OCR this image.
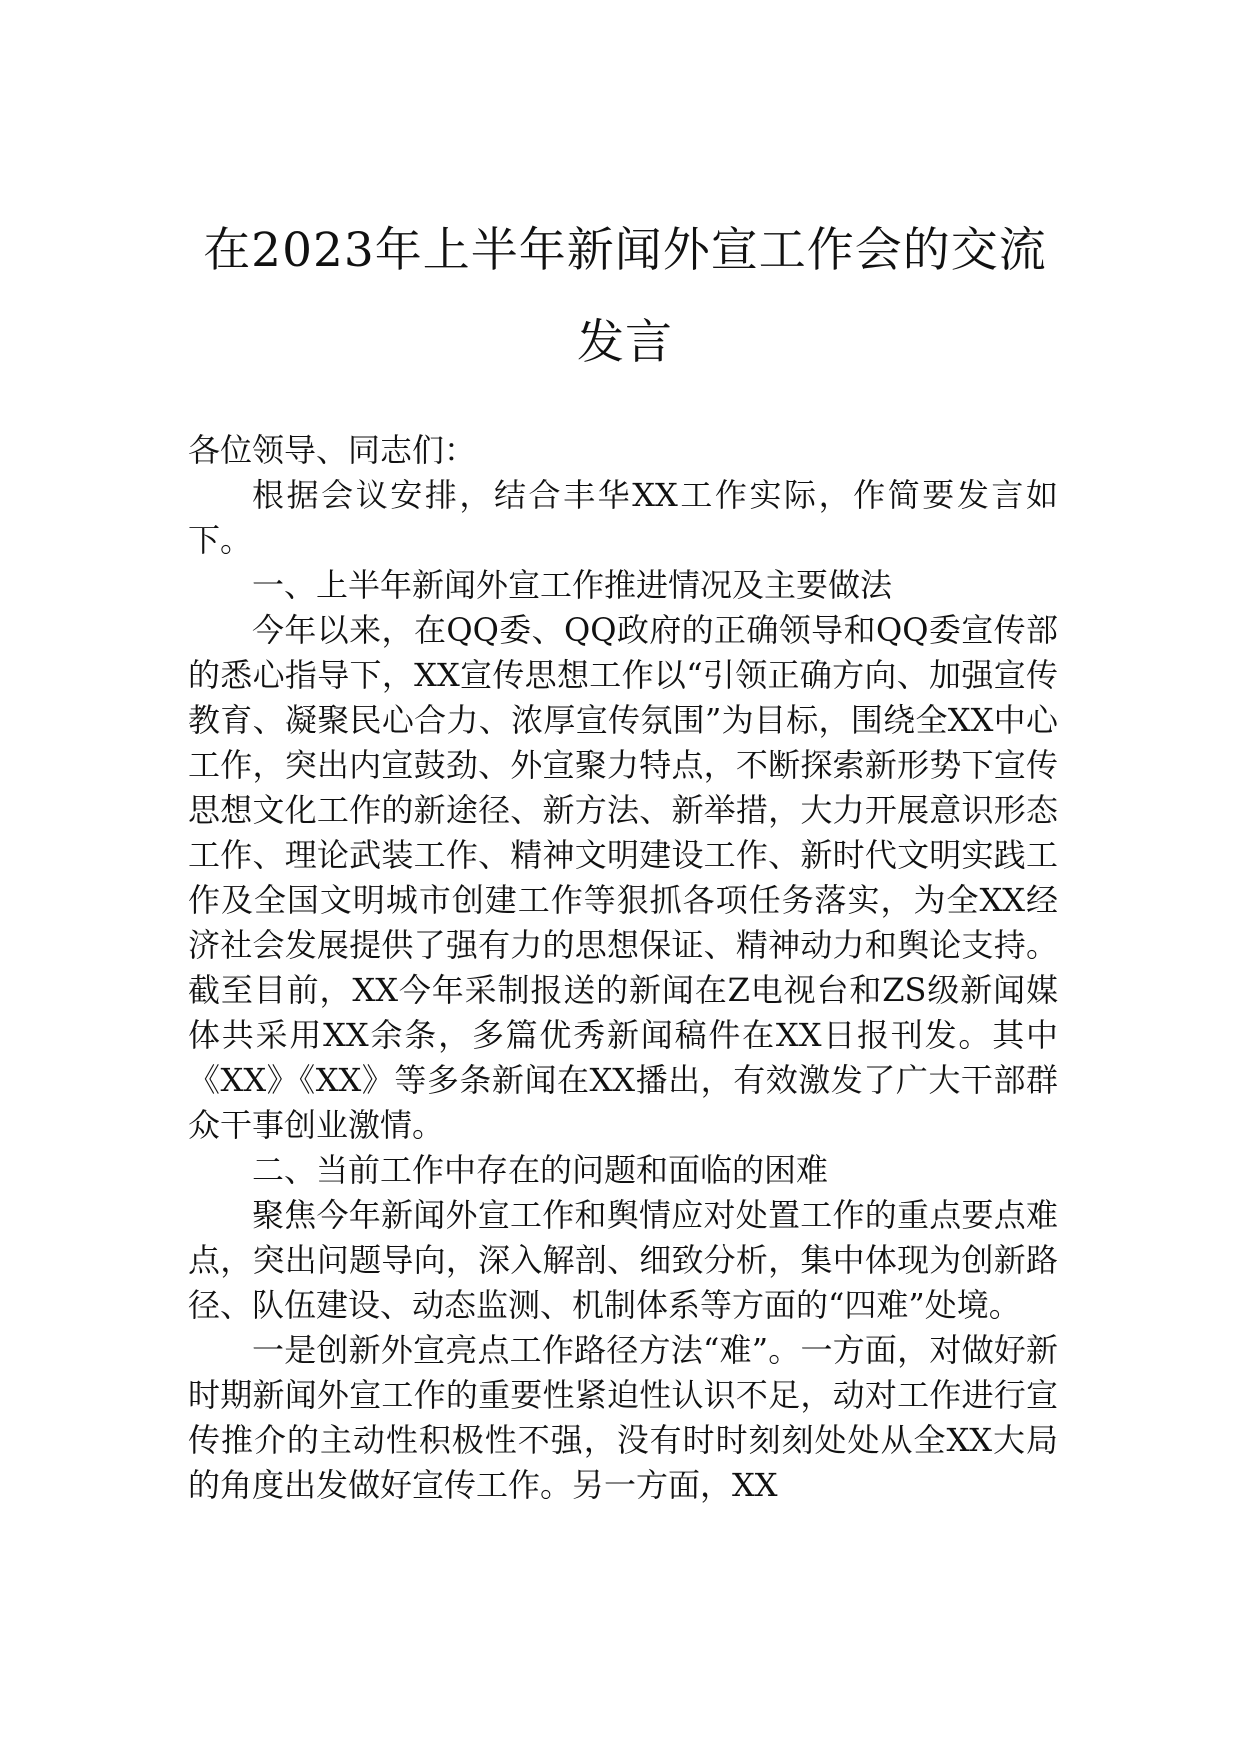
在2023年上半年新闻外宣工作会的交流发言

各位领导、同志们：

根据会议安排，结合丰华XX工作实际，作简要发言如下。

一、上半年新闻外宣工作推进情况及主要做法

今年以来，在QQ委、QQ政府的正确领导和QQ委宣传部的悉心指导下，XX宣传思想工作以“引领正确方向、加强宣传教育、凝聚民心合力、浓厚宣传氛围”为目标，围绕全XX中心工作，突出内宣鼓劲、外宣聚力特点，不断探索新形势下宣传思想文化工作的新途径、新方法、新举措，大力开展意识形态工作、理论武装工作、精神文明建设工作、新时代文明实践工作及全国文明城市创建工作等狠抓各项任务落实，为全XX经济社会发展提供了强有力的思想保证、精神动力和舆论支持。截至目前，XX今年采制报送的新闻在Z电视台和ZS级新闻媒体共采用XX余条，多篇优秀新闻稿件在XX日报刊发。其中《XX》《XX》等多条新闻在XX播出，有效激发了广大干部群众干事创业激情。

二、当前工作中存在的问题和面临的困难

聚焦今年新闻外宣工作和舆情应对处置工作的重点要点难点，突出问题导向，深入解剖、细致分析，集中体现为创新路径、队伍建设、动态监测、机制体系等方面的“四难”处境。

一是创新外宣亮点工作路径方法“难”。一方面，对做好新时期新闻外宣工作的重要性紧迫性认识不足，动对工作进行宣传推介的主动性积极性不强，没有时时刻刻处处从全XX大局的角度出发做好宣传工作。另一方面，XX
